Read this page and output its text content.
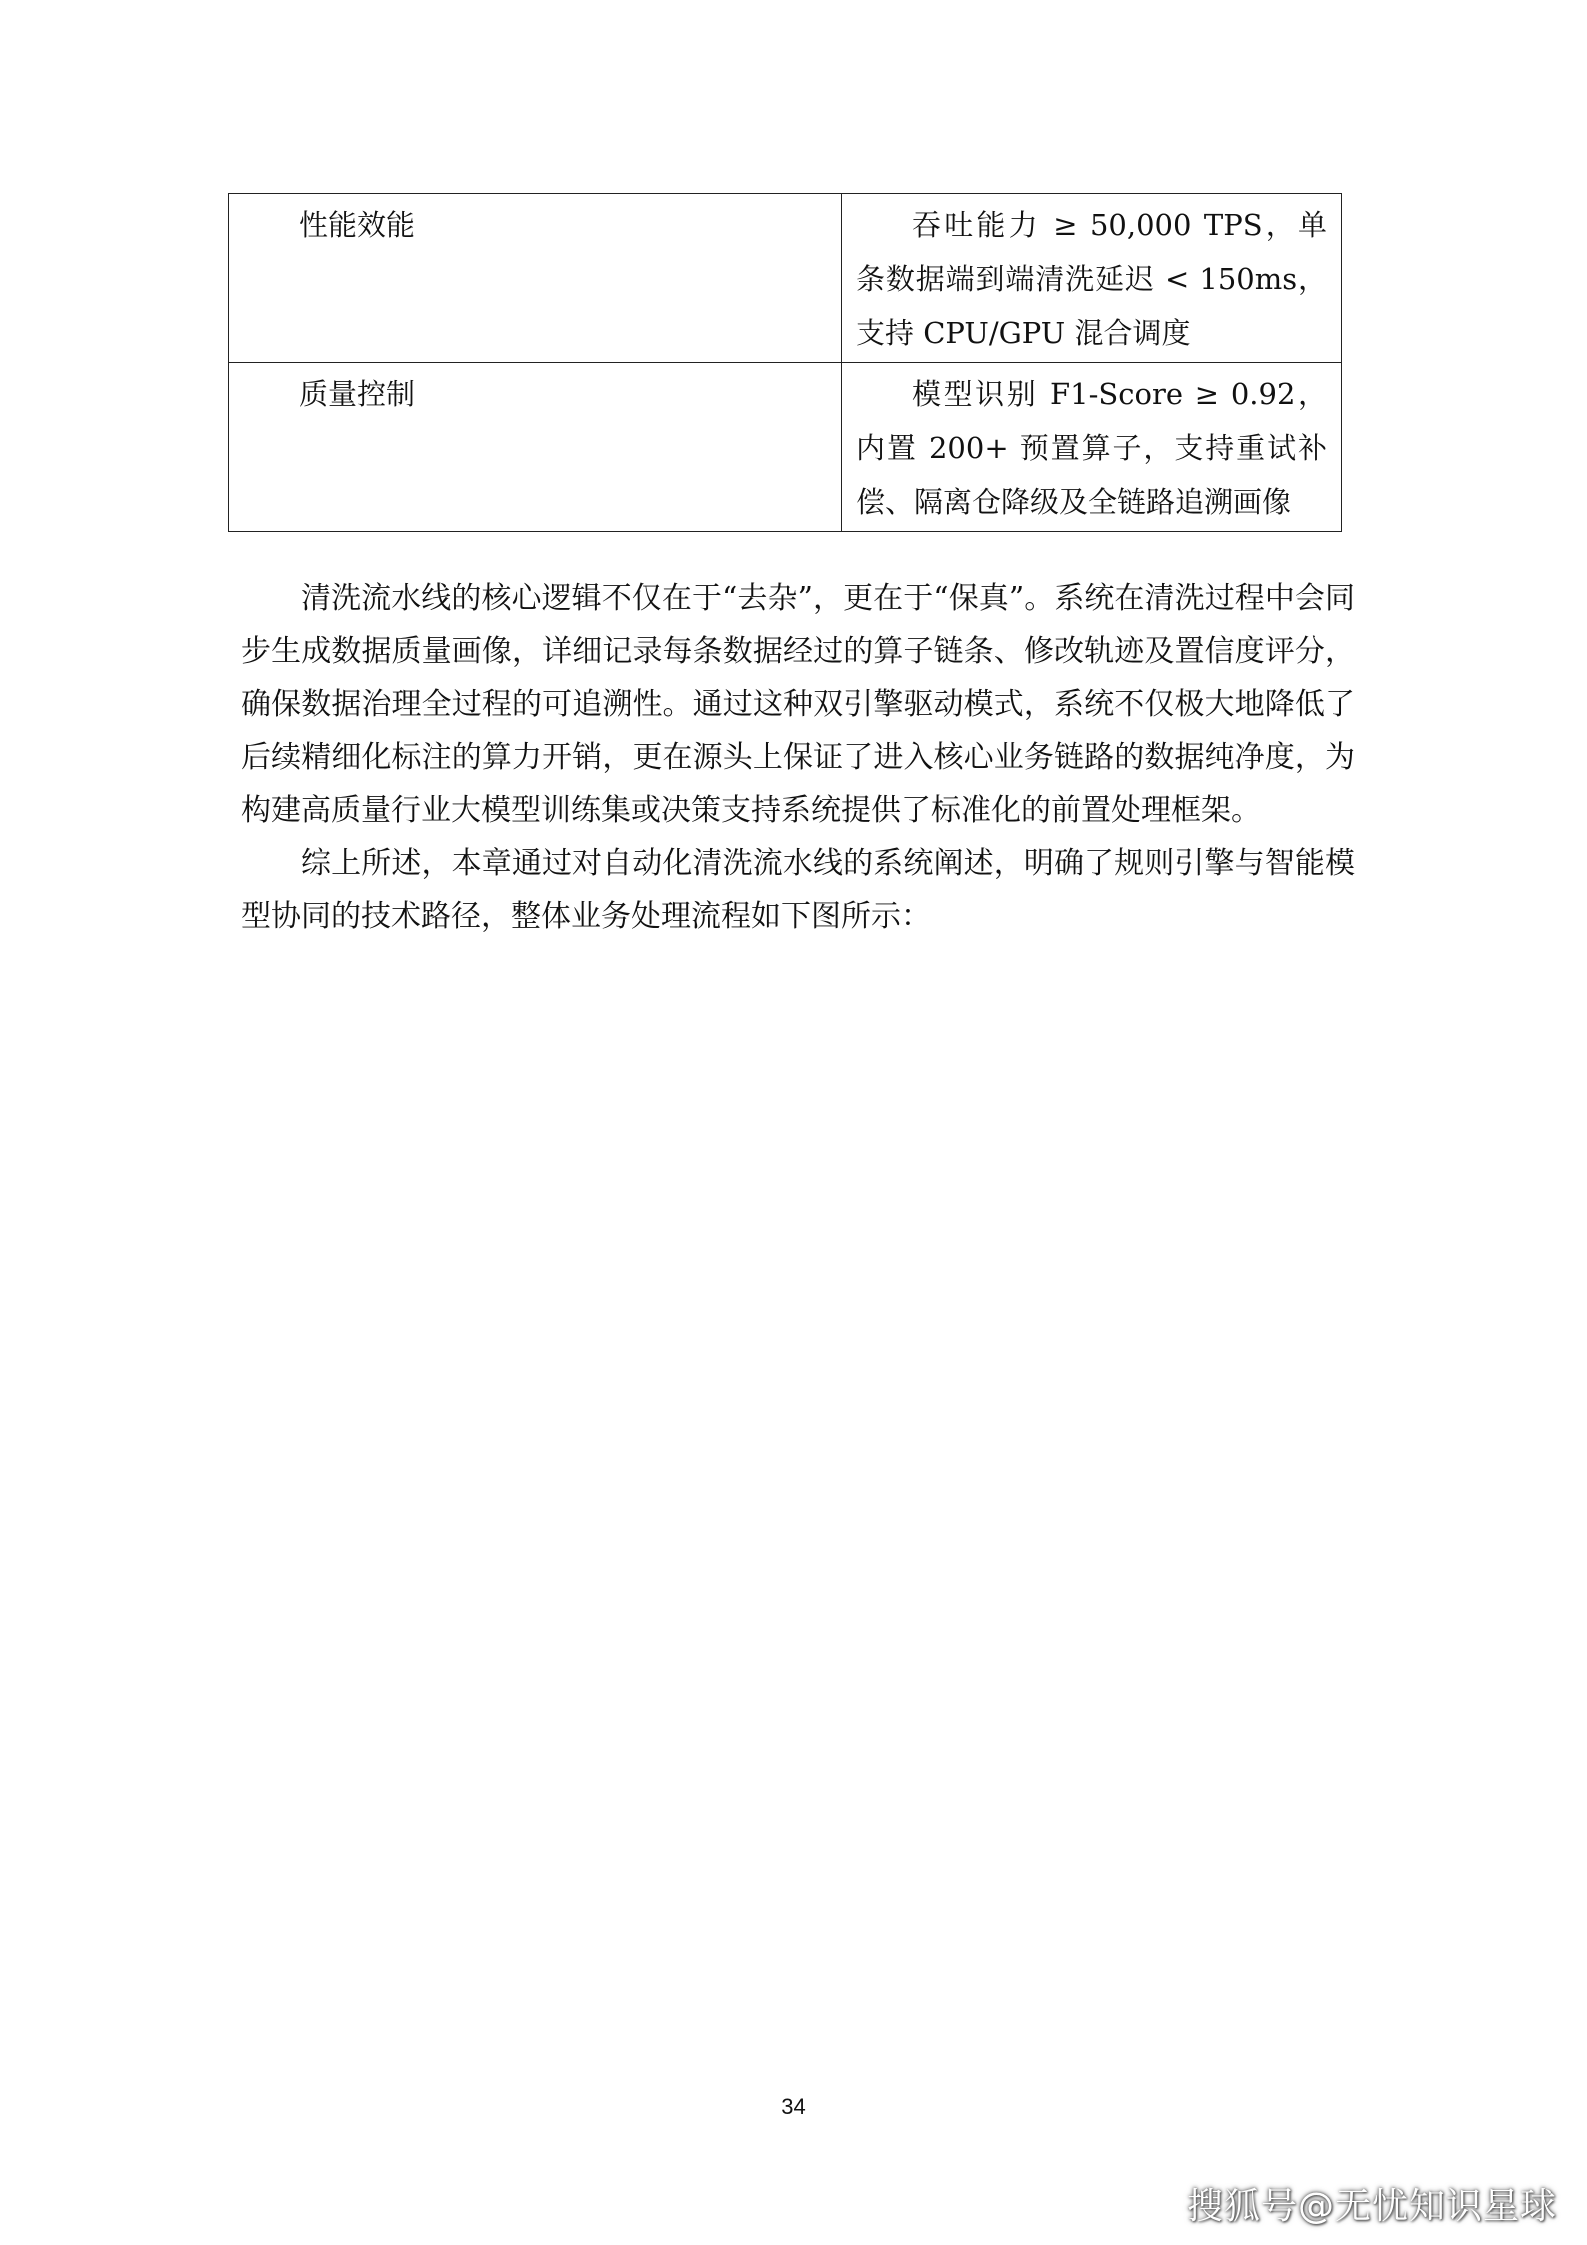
性能效能	吞吐能力 ≥ 50,000 TPS，单条数据端到端清洗延迟 < 150ms，支持 CPU/GPU 混合调度
质量控制	模型识别 F1-Score ≥ 0.92，内置 200+ 预置算子，支持重试补偿、隔离仓降级及全链路追溯画像

清洗流水线的核心逻辑不仅在于“去杂”，更在于“保真”。系统在清洗过程中会同步生成数据质量画像，详细记录每条数据经过的算子链条、修改轨迹及置信度评分，确保数据治理全过程的可追溯性。通过这种双引擎驱动模式，系统不仅极大地降低了后续精细化标注的算力开销，更在源头上保证了进入核心业务链路的数据纯净度，为构建高质量行业大模型训练集或决策支持系统提供了标准化的前置处理框架。

综上所述，本章通过对自动化清洗流水线的系统阐述，明确了规则引擎与智能模型协同的技术路径，整体业务处理流程如下图所示：

34
搜狐号@无忧知识星球
